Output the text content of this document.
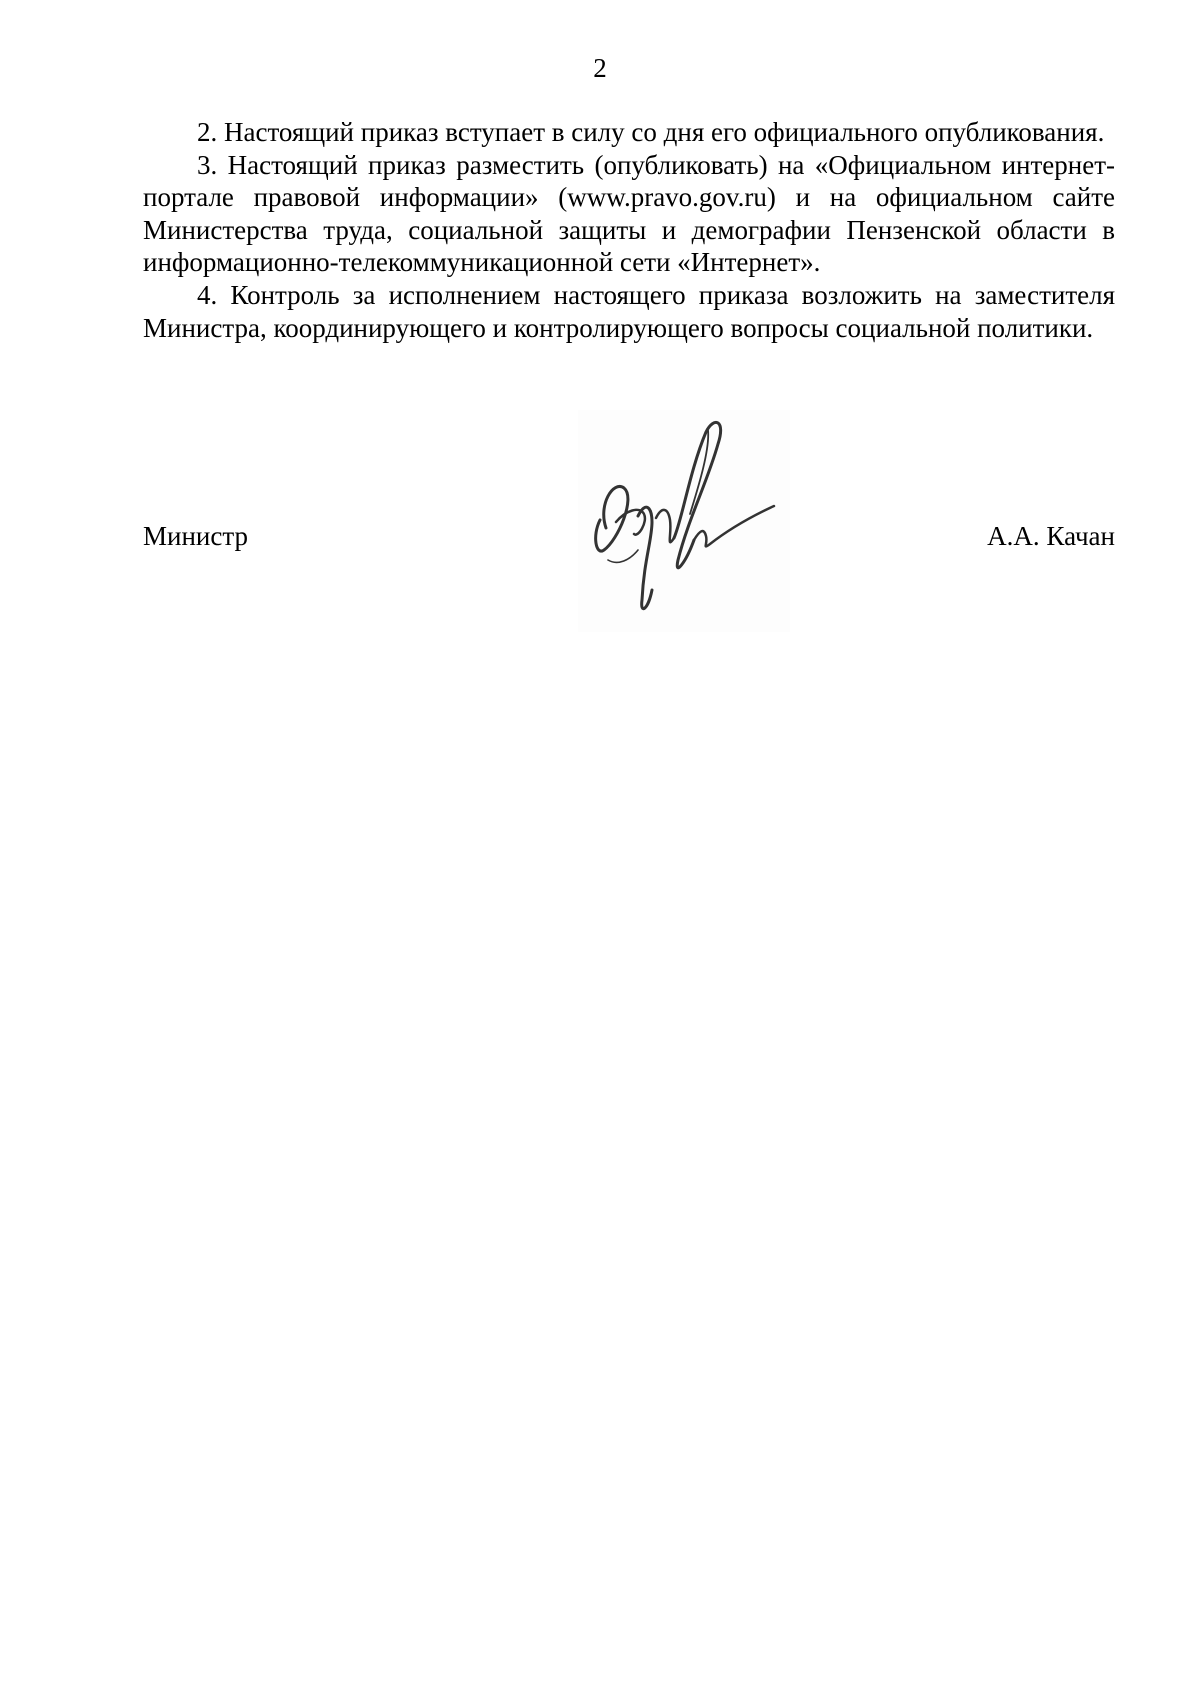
2

2. Настоящий приказ вступает в силу со дня его официального опубликования.

3. Настоящий приказ разместить (опубликовать) на «Официальном интернет-портале правовой информации» (www.pravo.gov.ru) и на официальном сайте Министерства труда, социальной защиты и демографии Пензенской области в информационно-телекоммуникационной сети «Интернет».

4. Контроль за исполнением настоящего приказа возложить на заместителя Министра, координирующего и контролирующего вопросы социальной политики.

Министр	А.А. Качан
